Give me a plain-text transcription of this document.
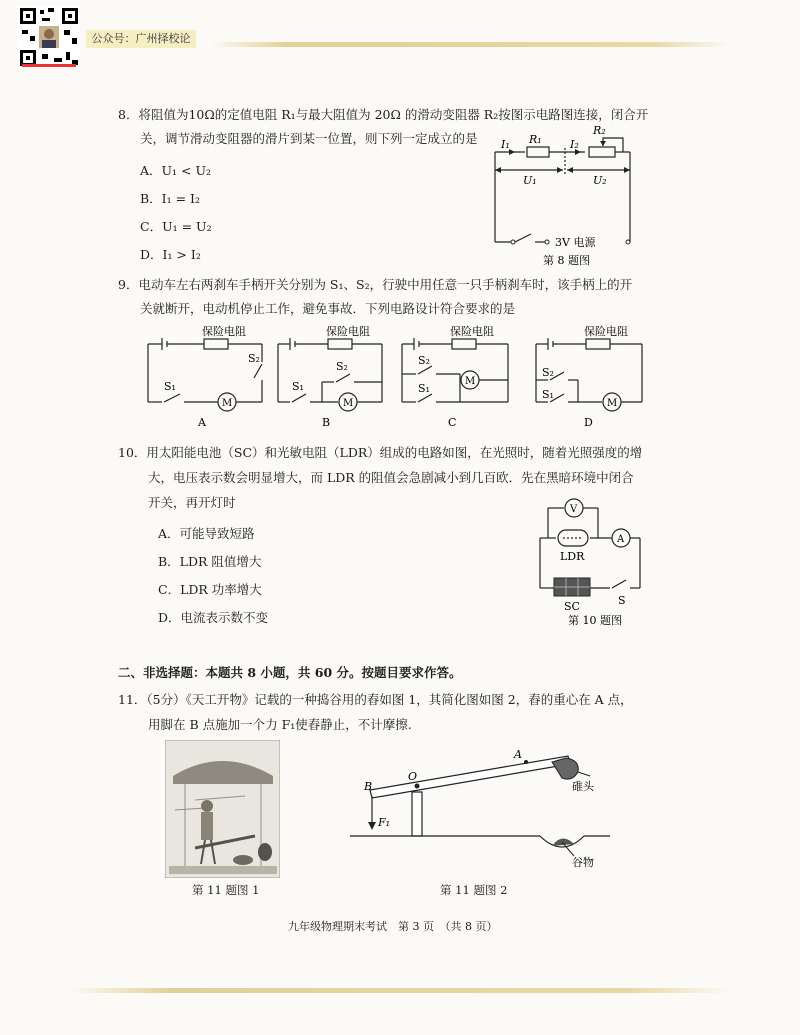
公众号：广州择校论
8．将阻值为10Ω的定值电阻 R₁与最大阻值为 20Ω 的滑动变阻器 R₂按图示电路图连接，闭合开
关，调节滑动变阻器的滑片到某一位置，则下列一定成立的是
A．U₁ < U₂
B．I₁ = I₂
C．U₁ = U₂
D．I₁ > I₂
I₁ R₁	I₂
R₂
U₁	U₂
3V 电源
第 8 题图
9．电动车左右两刹车手柄开关分别为 S₁、S₂，行驶中用任意一只手柄刹车时，该手柄上的开
关就断开，电动机停止工作，避免事故．下列电路设计符合要求的是
保险电阻
S₂
S₁
M
A
保险电阻
S₂
S₁
M
B
保险电阻
S₂
S₁
M
C
保险电阻
S₂
S₁
M
D
10．用太阳能电池（SC）和光敏电阻（LDR）组成的电路如图，在光照时，随着光照强度的增
大，电压表示数会明显增大，而 LDR 的阻值会急剧减小到几百欧．先在黑暗环境中闭合
开关，再开灯时
A．可能导致短路
B．LDR 阻值增大
C．LDR 功率增大
D．电流表示数不变
V
A
LDR
SC	S
第 10 题图
二、非选择题：本题共 8 小题，共 60 分。按题目要求作答。
11．（5分）《天工开物》记载的一种捣谷用的舂如图 1，其简化图如图 2，舂的重心在 A 点，
用脚在 B 点施加一个力 F₁使舂静止，不计摩擦.
第 11 题图 1
A
B
O
F₁
碓头
谷物
第 11 题图 2
九年级物理期末考试　第 3 页　（共 8 页）
